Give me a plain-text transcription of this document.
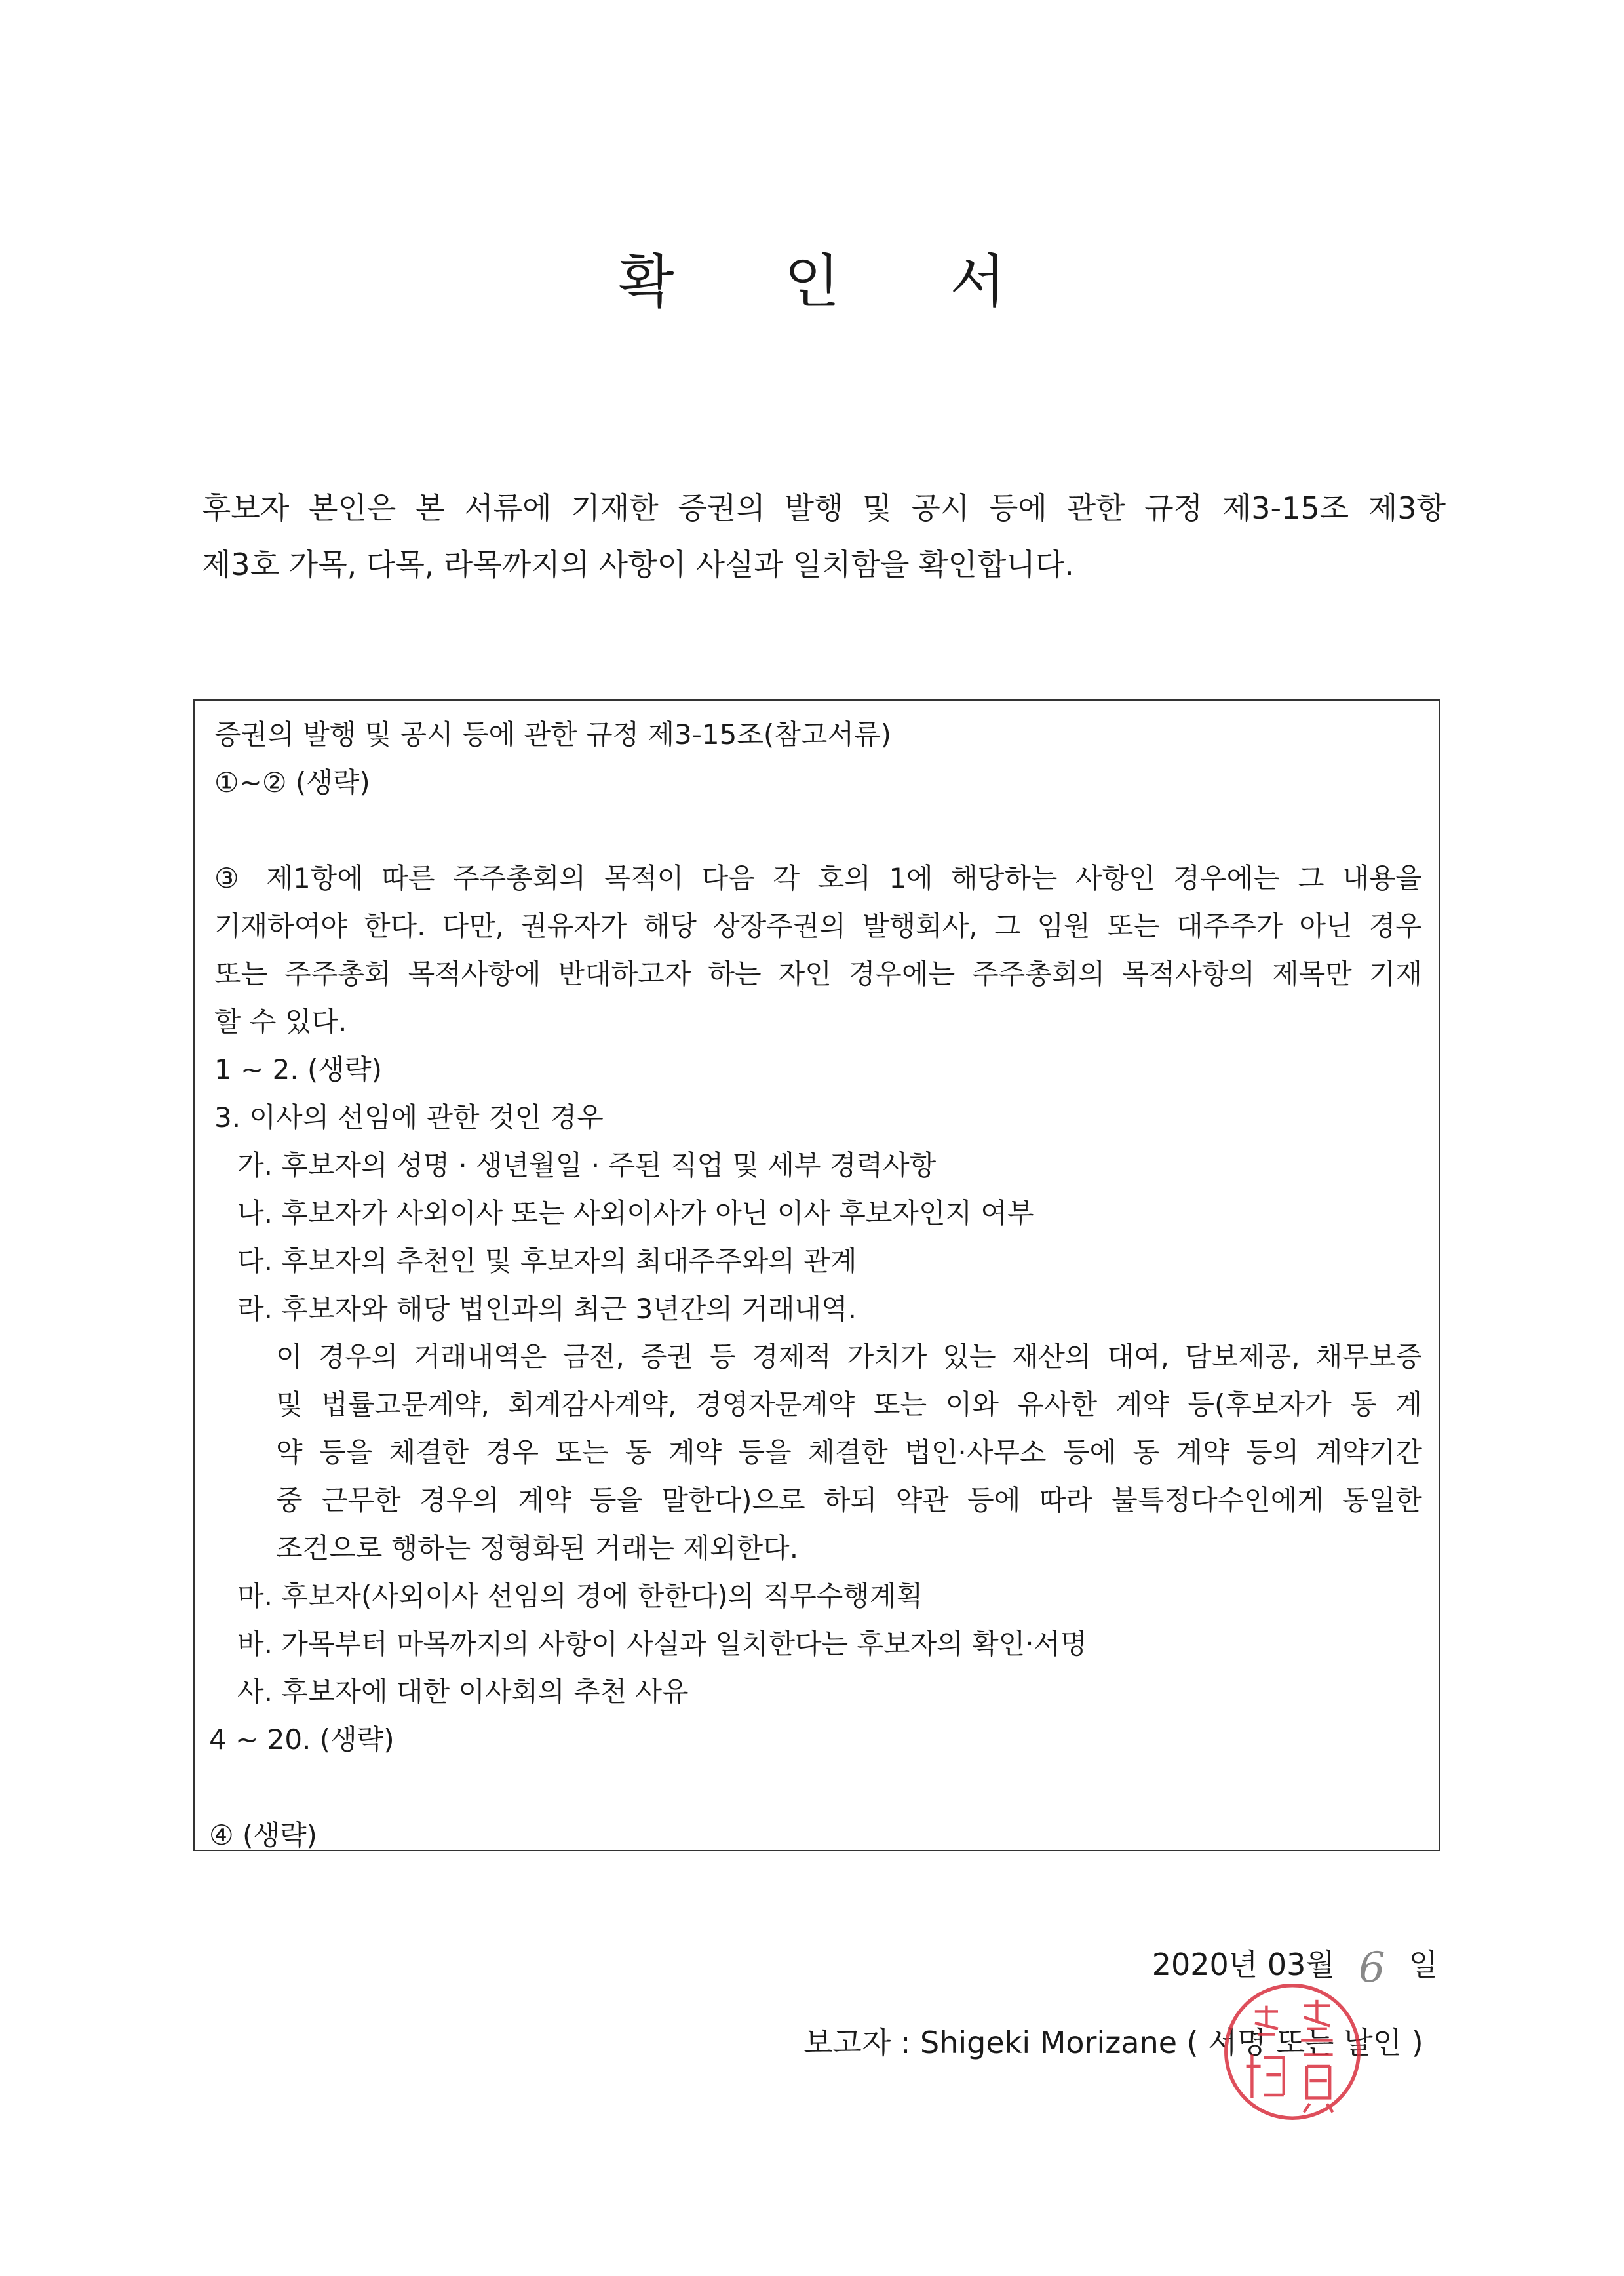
확 인 서
후보자 본인은 본 서류에 기재한 증권의 발행 및 공시 등에 관한 규정 제3-15조 제3항
제3호 가목, 다목, 라목까지의 사항이 사실과 일치함을 확인합니다.
증권의 발행 및 공시 등에 관한 규정 제3-15조(참고서류)
①~② (생략)
③ 제1항에 따른 주주총회의 목적이 다음 각 호의 1에 해당하는 사항인 경우에는 그 내용을
기재하여야 한다. 다만, 권유자가 해당 상장주권의 발행회사, 그 임원 또는 대주주가 아닌 경우
또는 주주총회 목적사항에 반대하고자 하는 자인 경우에는 주주총회의 목적사항의 제목만 기재
할 수 있다.
1 ~ 2. (생략)
3. 이사의 선임에 관한 것인 경우
가. 후보자의 성명 · 생년월일 · 주된 직업 및 세부 경력사항
나. 후보자가 사외이사 또는 사외이사가 아닌 이사 후보자인지 여부
다. 후보자의 추천인 및 후보자의 최대주주와의 관계
라. 후보자와 해당 법인과의 최근 3년간의 거래내역.
이 경우의 거래내역은 금전, 증권 등 경제적 가치가 있는 재산의 대여, 담보제공, 채무보증
및 법률고문계약, 회계감사계약, 경영자문계약 또는 이와 유사한 계약 등(후보자가 동 계
약 등을 체결한 경우 또는 동 계약 등을 체결한 법인·사무소 등에 동 계약 등의 계약기간
중 근무한 경우의 계약 등을 말한다)으로 하되 약관 등에 따라 불특정다수인에게 동일한
조건으로 행하는 정형화된 거래는 제외한다.
마. 후보자(사외이사 선임의 경에 한한다)의 직무수행계획
바. 가목부터 마목까지의 사항이 사실과 일치한다는 후보자의 확인·서명
사. 후보자에 대한 이사회의 추천 사유
4 ~ 20. (생략)
④ (생략)
2020년 03월 6 일
보고자 : Shigeki Morizane ( 서명 또는 날인 )
